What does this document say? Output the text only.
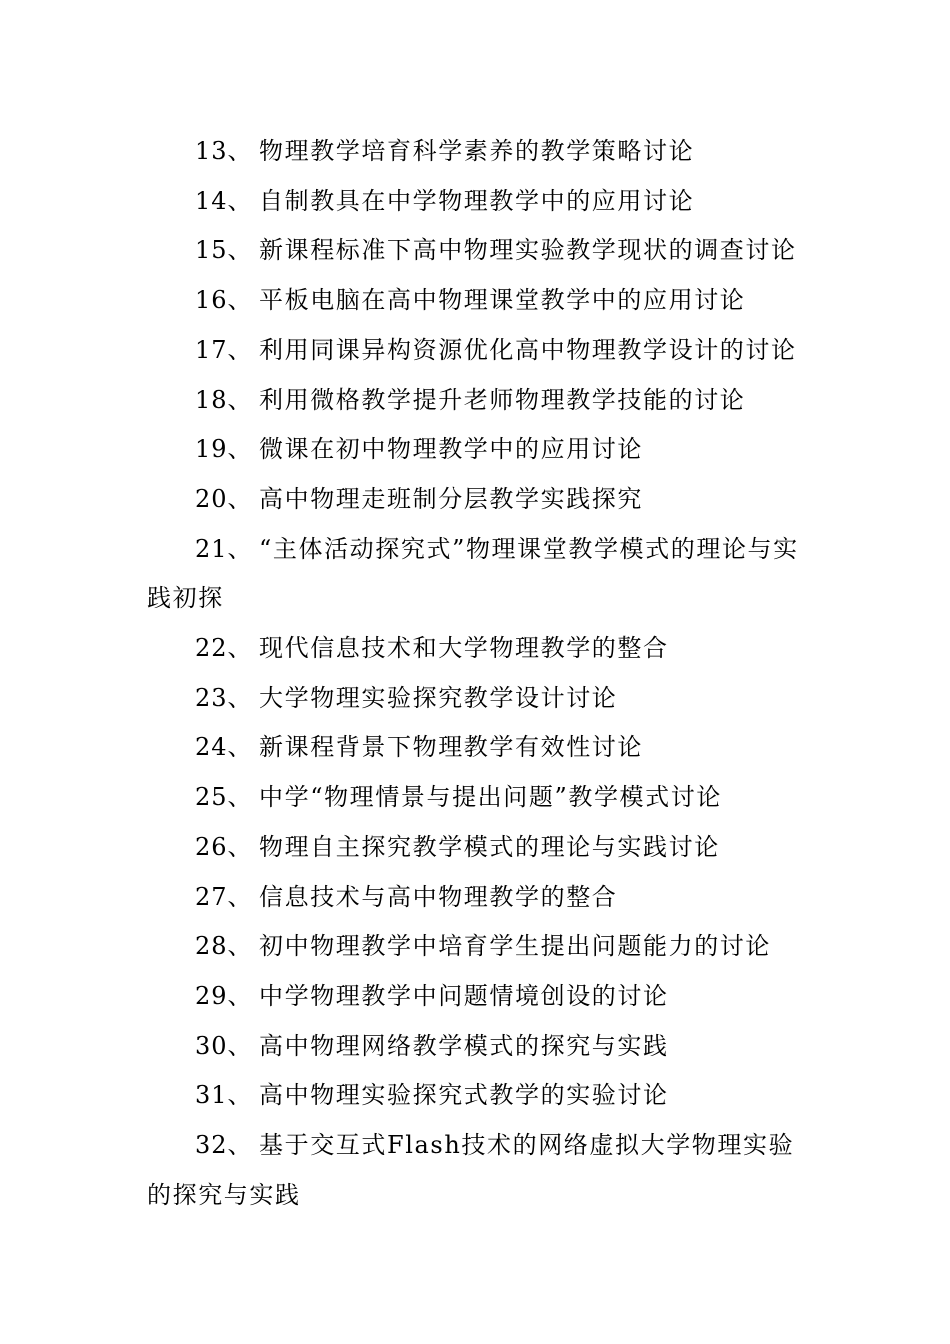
13、 物理教学培育科学素养的教学策略讨论
14、 自制教具在中学物理教学中的应用讨论
15、 新课程标准下高中物理实验教学现状的调查讨论
16、 平板电脑在高中物理课堂教学中的应用讨论
17、 利用同课异构资源优化高中物理教学设计的讨论
18、 利用微格教学提升老师物理教学技能的讨论
19、 微课在初中物理教学中的应用讨论
20、 高中物理走班制分层教学实践探究
21、 “主体活动探究式”物理课堂教学模式的理论与实践初探
22、 现代信息技术和大学物理教学的整合
23、 大学物理实验探究教学设计讨论
24、 新课程背景下物理教学有效性讨论
25、 中学“物理情景与提出问题”教学模式讨论
26、 物理自主探究教学模式的理论与实践讨论
27、 信息技术与高中物理教学的整合
28、 初中物理教学中培育学生提出问题能力的讨论
29、 中学物理教学中问题情境创设的讨论
30、 高中物理网络教学模式的探究与实践
31、 高中物理实验探究式教学的实验讨论
32、 基于交互式Flash技术的网络虚拟大学物理实验的探究与实践
